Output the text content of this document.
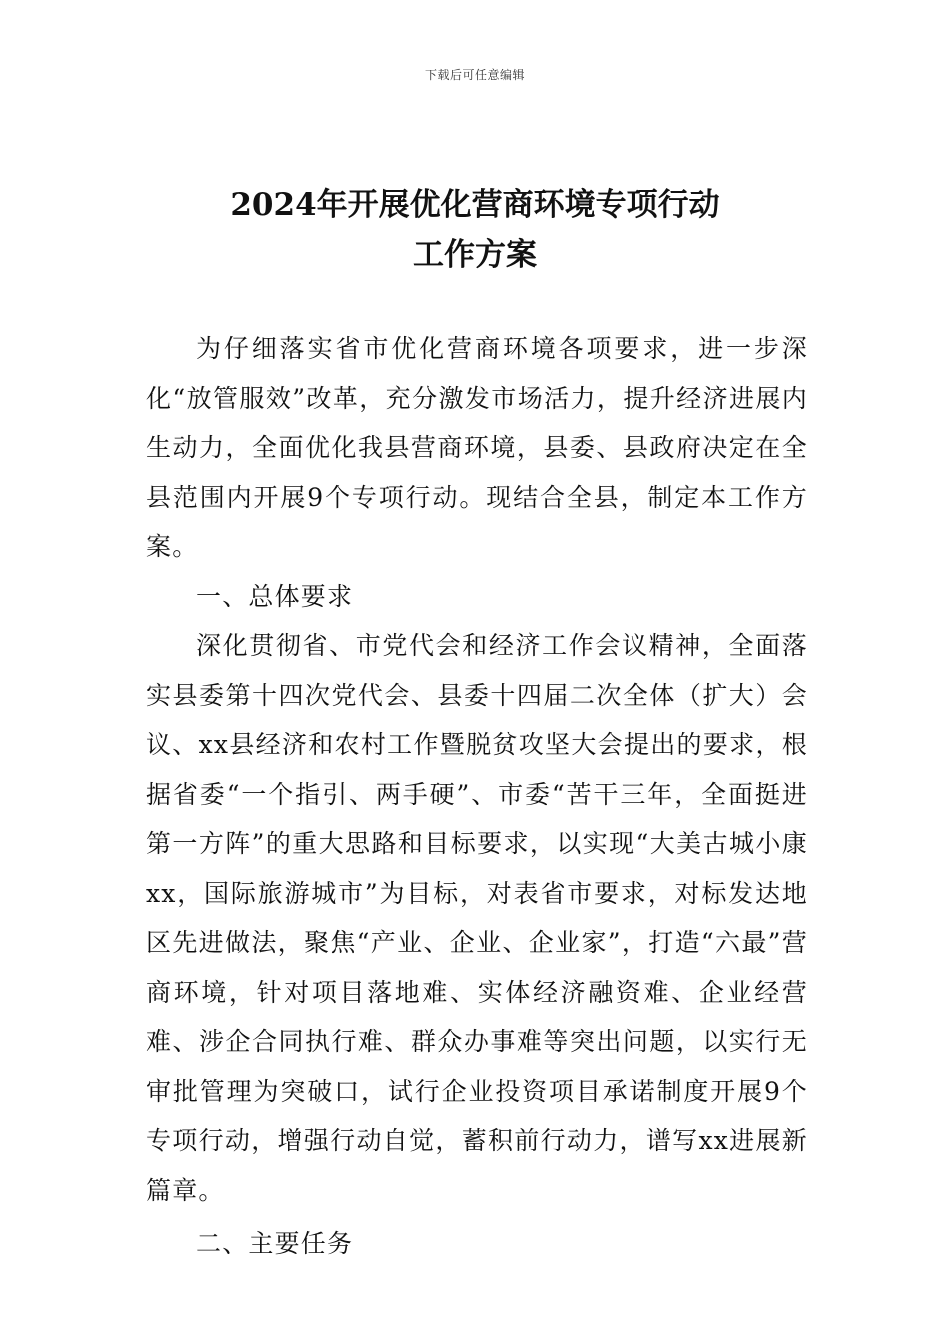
下载后可任意编辑
2024年开展优化营商环境专项行动
工作方案

为仔细落实省市优化营商环境各项要求，进一步深化“放管服效”改革，充分激发市场活力，提升经济进展内生动力，全面优化我县营商环境，县委、县政府决定在全县范围内开展9个专项行动。现结合全县，制定本工作方案。

一、总体要求

深化贯彻省、市党代会和经济工作会议精神，全面落实县委第十四次党代会、县委十四届二次全体（扩大）会议、xx县经济和农村工作暨脱贫攻坚大会提出的要求，根据省委“一个指引、两手硬”、市委“苦干三年，全面挺进第一方阵”的重大思路和目标要求，以实现“大美古城小康xx，国际旅游城市”为目标，对表省市要求，对标发达地区先进做法，聚焦“产业、企业、企业家”，打造“六最”营商环境，针对项目落地难、实体经济融资难、企业经营难、涉企合同执行难、群众办事难等突出问题，以实行无审批管理为突破口，试行企业投资项目承诺制度开展9个专项行动，增强行动自觉，蓄积前行动力，谱写xx进展新篇章。

二、主要任务
